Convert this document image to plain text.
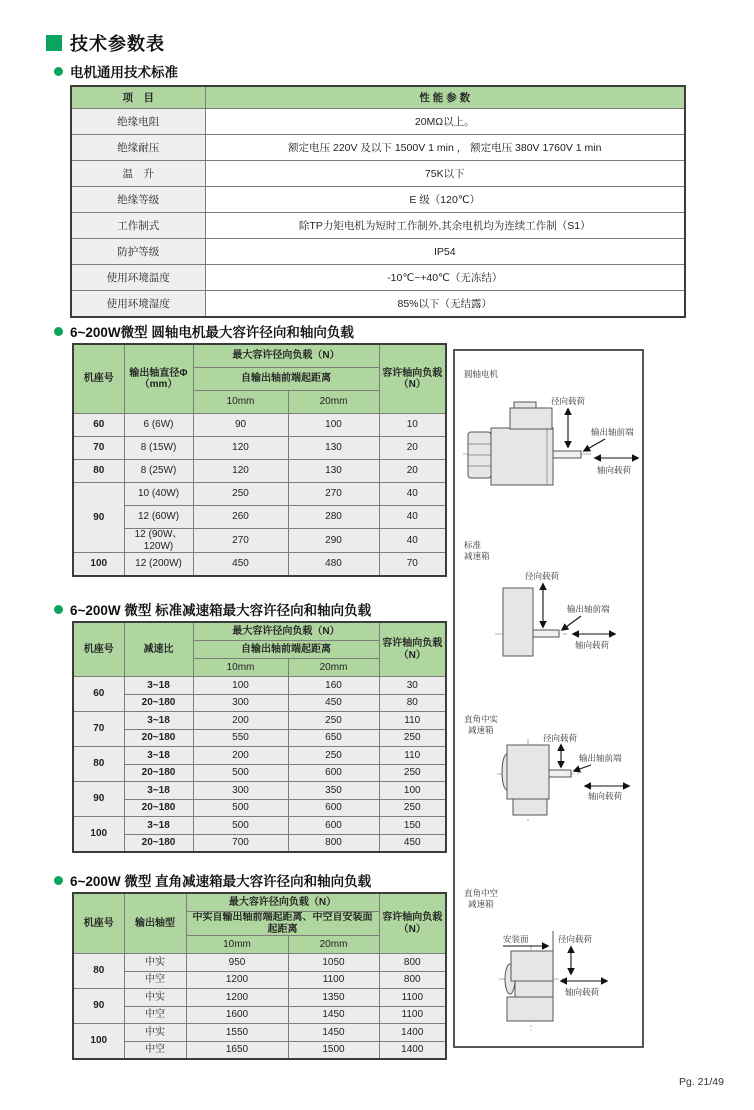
技术参数表
电机通用技术标准
项　目	性 能 参 数
绝缘电阻	20MΩ以上。
绝缘耐压	额定电压 220V 及以下 1500V 1 min ， 额定电压 380V 1760V 1 min
温　升	75K以下
绝缘等级	E 级（120℃）
工作制式	除TP力矩电机为短时工作制外,其余电机均为连续工作制（S1）
防护等级	IP54
使用环境温度	-10℃~+40℃（无冻结）
使用环境湿度	85%以下（无结露）
6~200W微型 圆轴电机最大容许径向和轴向负载
机座号	输出轴直径Φ（mm）	最大容许径向负载（N）		容许轴向负载（N）
		自输出轴前端起距离		
		10mm	20mm	
60	6 (6W)	90	100	10
70	8 (15W)	120	130	20
80	8 (25W)	120	130	20
90	10 (40W)	250	270	40
	12 (60W)	260	280	40
	12 (90W、120W)	270	290	40
100	12 (200W)	450	480	70
6~200W 微型 标准减速箱最大容许径向和轴向负载
机座号	减速比	最大容许径向负载（N）		容许轴向负载（N）
		自输出轴前端起距离		
		10mm	20mm	
60	3~18	100	160	30
	20~180	300	450	80
70	3~18	200	250	110
	20~180	550	650	250
80	3~18	200	250	110
	20~180	500	600	250
90	3~18	300	350	100
	20~180	500	600	250
100	3~18	500	600	150
	20~180	700	800	450
6~200W 微型 直角减速箱最大容许径向和轴向负载
机座号	输出轴型	最大容许径向负载（N）		容许轴向负载（N）
		中实自输出轴前端起距离、中空自安装面起距离		
		10mm	20mm	
80	中实	950	1050	800
	中空	1200	1100	800
90	中实	1200	1350	1100
	中空	1600	1450	1100
100	中实	1550	1450	1400
	中空	1650	1500	1400
圆轴电机
径向载荷
输出轴前端
轴向载荷
标准
减速箱
径向载荷
输出轴前端
轴向载荷
直角中实
减速箱
径向载荷
输出轴前端
轴向载荷
直角中空
减速箱
安装面	径向载荷
轴向载荷
Pg. 21/49
